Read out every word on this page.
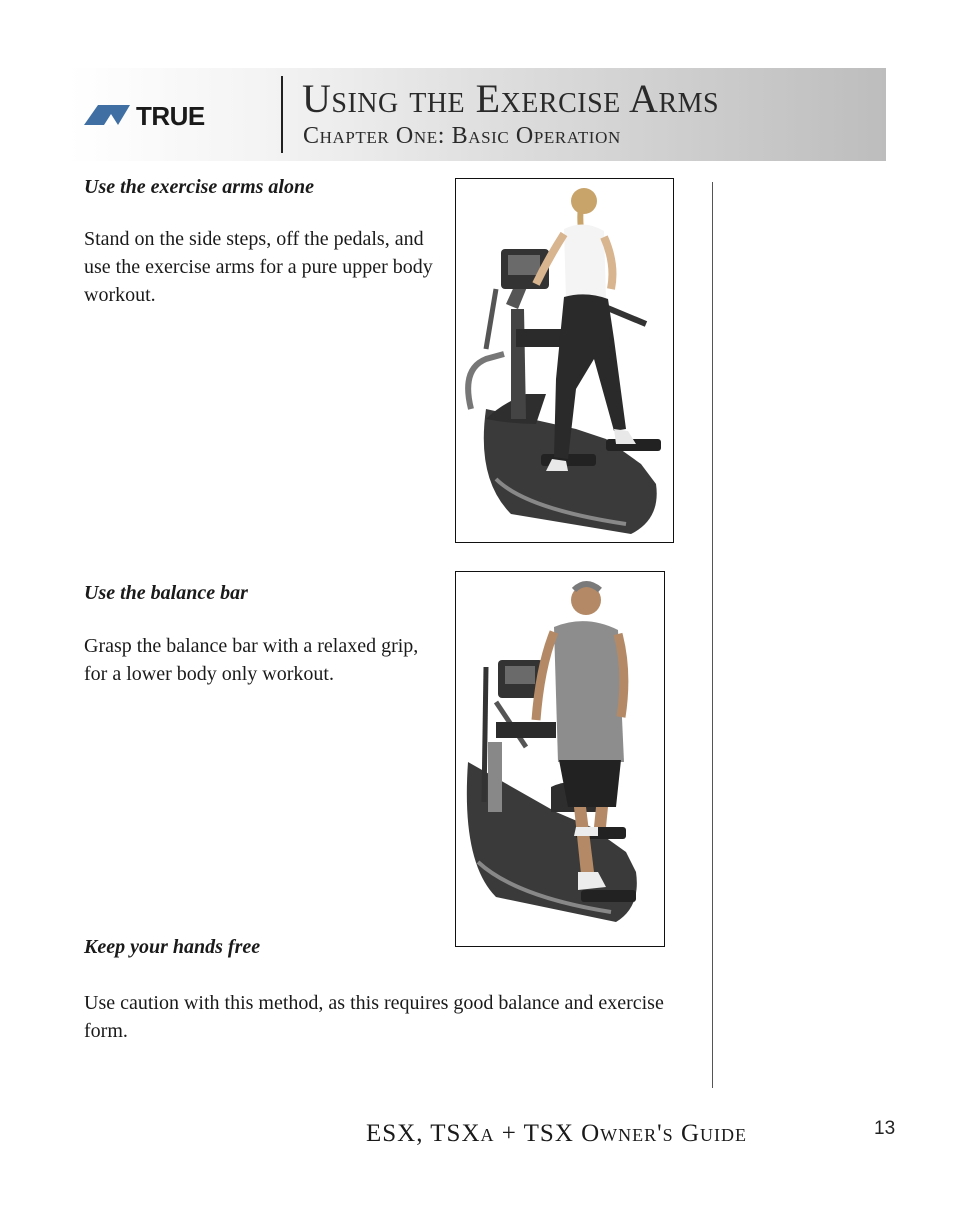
TRUE Using the Exercise Arms
Chapter One: Basic Operation
Use the exercise arms alone

Stand on the side steps, off the pedals, and use the exercise arms for a pure upper body workout.

Use the balance bar

Grasp the balance bar with a relaxed grip, for a lower body only workout.

Keep your hands free

Use caution with this method, as this requires good balance and exercise form.

ESX, TSXa + TSX Owner's Guide	13
